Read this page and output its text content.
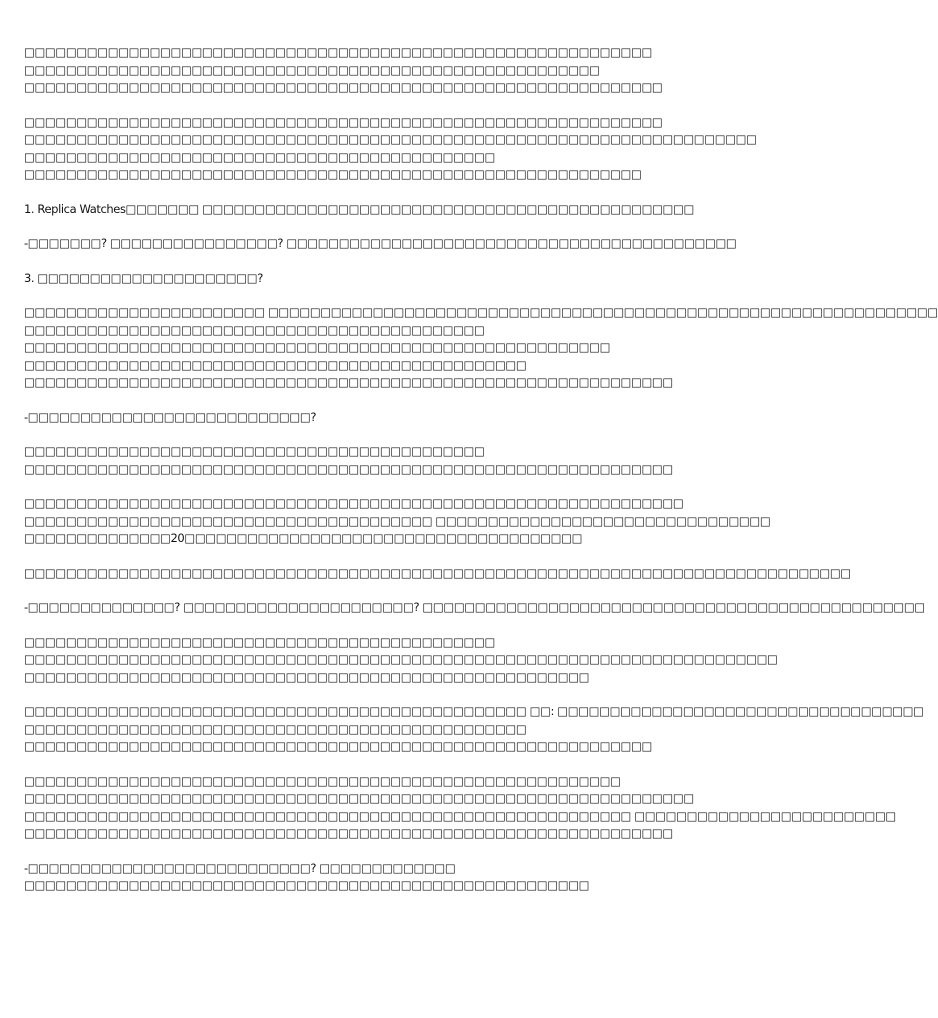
□□□□□□□□□□□□□□□□□□□□□□□□□□□□□□□□□□□□□□□□□□□□□□□□□□□□□□□□□□□□
□□□□□□□□□□□□□□□□□□□□□□□□□□□□□□□□□□□□□□□□□□□□□□□□□□□□□□□
□□□□□□□□□□□□□□□□□□□□□□□□□□□□□□□□□□□□□□□□□□□□□□□□□□□□□□□□□□□□□
□□□□□□□□□□□□□□□□□□□□□□□□□□□□□□□□□□□□□□□□□□□□□□□□□□□□□□□□□□□□□
□□□□□□□□□□□□□□□□□□□□□□□□□□□□□□□□□□□□□□□□□□□□□□□□□□□□□□□□□□□□□□□□□□□□□□
□□□□□□□□□□□□□□□□□□□□□□□□□□□□□□□□□□□□□□□□□□□□□
□□□□□□□□□□□□□□□□□□□□□□□□□□□□□□□□□□□□□□□□□□□□□□□□□□□□□□□□□□□
1. Replica Watches□□□□□□□ □□□□□□□□□□□□□□□□□□□□□□□□□□□□□□□□□□□□□□□□□□□□□□□
-□□□□□□□? □□□□□□□□□□□□□□□□? □□□□□□□□□□□□□□□□□□□□□□□□□□□□□□□□□□□□□□□□□□□
3. □□□□□□□□□□□□□□□□□□□□□?
□□□□□□□□□□□□□□□□□□□□□□□ □□□□□□□□□□□□□□□□□□□□□□□□□□□□□□□□□□□□□□□□□□□□□□□□□□□□□□□□□□□□□□□□
□□□□□□□□□□□□□□□□□□□□□□□□□□□□□□□□□□□□□□□□□□□□
□□□□□□□□□□□□□□□□□□□□□□□□□□□□□□□□□□□□□□□□□□□□□□□□□□□□□□□□
□□□□□□□□□□□□□□□□□□□□□□□□□□□□□□□□□□□□□□□□□□□□□□□□
□□□□□□□□□□□□□□□□□□□□□□□□□□□□□□□□□□□□□□□□□□□□□□□□□□□□□□□□□□□□□□
-□□□□□□□□□□□□□□□□□□□□□□□□□□□?
□□□□□□□□□□□□□□□□□□□□□□□□□□□□□□□□□□□□□□□□□□□□
□□□□□□□□□□□□□□□□□□□□□□□□□□□□□□□□□□□□□□□□□□□□□□□□□□□□□□□□□□□□□□
□□□□□□□□□□□□□□□□□□□□□□□□□□□□□□□□□□□□□□□□□□□□□□□□□□□□□□□□□□□□□□□
□□□□□□□□□□□□□□□□□□□□□□□□□□□□□□□□□□□□□□□ □□□□□□□□□□□□□□□□□□□□□□□□□□□□□□□□
□□□□□□□□□□□□□□20□□□□□□□□□□□□□□□□□□□□□□□□□□□□□□□□□□□□□□
□□□□□□□□□□□□□□□□□□□□□□□□□□□□□□□□□□□□□□□□□□□□□□□□□□□□□□□□□□□□□□□□□□□□□□□□□□□□□□□
-□□□□□□□□□□□□□□? □□□□□□□□□□□□□□□□□□□□□□? □□□□□□□□□□□□□□□□□□□□□□□□□□□□□□□□□□□□□□□□□□□□□□□□
□□□□□□□□□□□□□□□□□□□□□□□□□□□□□□□□□□□□□□□□□□□□□
□□□□□□□□□□□□□□□□□□□□□□□□□□□□□□□□□□□□□□□□□□□□□□□□□□□□□□□□□□□□□□□□□□□□□□□□
□□□□□□□□□□□□□□□□□□□□□□□□□□□□□□□□□□□□□□□□□□□□□□□□□□□□□□
□□□□□□□□□□□□□□□□□□□□□□□□□□□□□□□□□□□□□□□□□□□□□□□□ □□: □□□□□□□□□□□□□□□□□□□□□□□□□□□□□□□□□□□
□□□□□□□□□□□□□□□□□□□□□□□□□□□□□□□□□□□□□□□□□□□□□□□□
□□□□□□□□□□□□□□□□□□□□□□□□□□□□□□□□□□□□□□□□□□□□□□□□□□□□□□□□□□□□
□□□□□□□□□□□□□□□□□□□□□□□□□□□□□□□□□□□□□□□□□□□□□□□□□□□□□□□□□
□□□□□□□□□□□□□□□□□□□□□□□□□□□□□□□□□□□□□□□□□□□□□□□□□□□□□□□□□□□□□□□□
□□□□□□□□□□□□□□□□□□□□□□□□□□□□□□□□□□□□□□□□□□□□□□□□□□□□□□□□□□ □□□□□□□□□□□□□□□□□□□□□□□□□
□□□□□□□□□□□□□□□□□□□□□□□□□□□□□□□□□□□□□□□□□□□□□□□□□□□□□□□□□□□□□□
-□□□□□□□□□□□□□□□□□□□□□□□□□□□? □□□□□□□□□□□□□
□□□□□□□□□□□□□□□□□□□□□□□□□□□□□□□□□□□□□□□□□□□□□□□□□□□□□□
